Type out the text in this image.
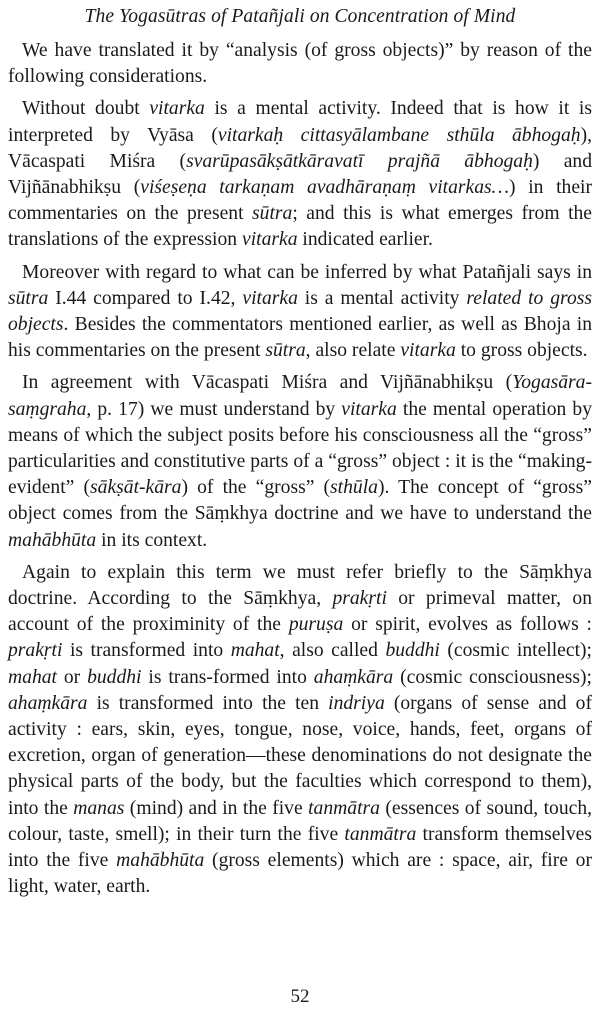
The Yogasūtras of Patañjali on Concentration of Mind

We have translated it by “analysis (of gross objects)” by reason of the following considerations.

Without doubt vitarka is a mental activity. Indeed that is how it is interpreted by Vyāsa (vitarkaḥ cittasyālambane sthūla ābhogaḥ), Vācaspati Miśra (svarūpasākṣātkāravatī prajñā ābhogaḥ) and Vijñānabhikṣu (viśeṣeṇa tarkaṇam avadhāraṇaṃ vitarkas…) in their commentaries on the present sūtra; and this is what emerges from the translations of the expression vitarka indicated earlier.

Moreover with regard to what can be inferred by what Patañjali says in sūtra I.44 compared to I.42, vitarka is a mental activity related to gross objects. Besides the commentators mentioned earlier, as well as Bhoja in his commentaries on the present sūtra, also relate vitarka to gross objects.

In agreement with Vācaspati Miśra and Vijñānabhikṣu (Yogasāra-saṃgraha, p. 17) we must understand by vitarka the mental operation by means of which the subject posits before his consciousness all the “gross” particularities and constitutive parts of a “gross” object : it is the “making-evident” (sākṣāt-kāra) of the “gross” (sthūla). The concept of “gross” object comes from the Sāṃkhya doctrine and we have to understand the mahābhūta in its context.

Again to explain this term we must refer briefly to the Sāṃkhya doctrine. According to the Sāṃkhya, prakṛti or primeval matter, on account of the proximinity of the puruṣa or spirit, evolves as follows : prakṛti is transformed into mahat, also called buddhi (cosmic intellect); mahat or buddhi is trans-formed into ahaṃkāra (cosmic consciousness); ahaṃkāra is transformed into the ten indriya (organs of sense and of activity : ears, skin, eyes, tongue, nose, voice, hands, feet, organs of excretion, organ of generation—these denominations do not designate the physical parts of the body, but the faculties which correspond to them), into the manas (mind) and in the five tanmātra (essences of sound, touch, colour, taste, smell); in their turn the five tanmātra transform themselves into the five mahābhūta (gross elements) which are : space, air, fire or light, water, earth.

52
